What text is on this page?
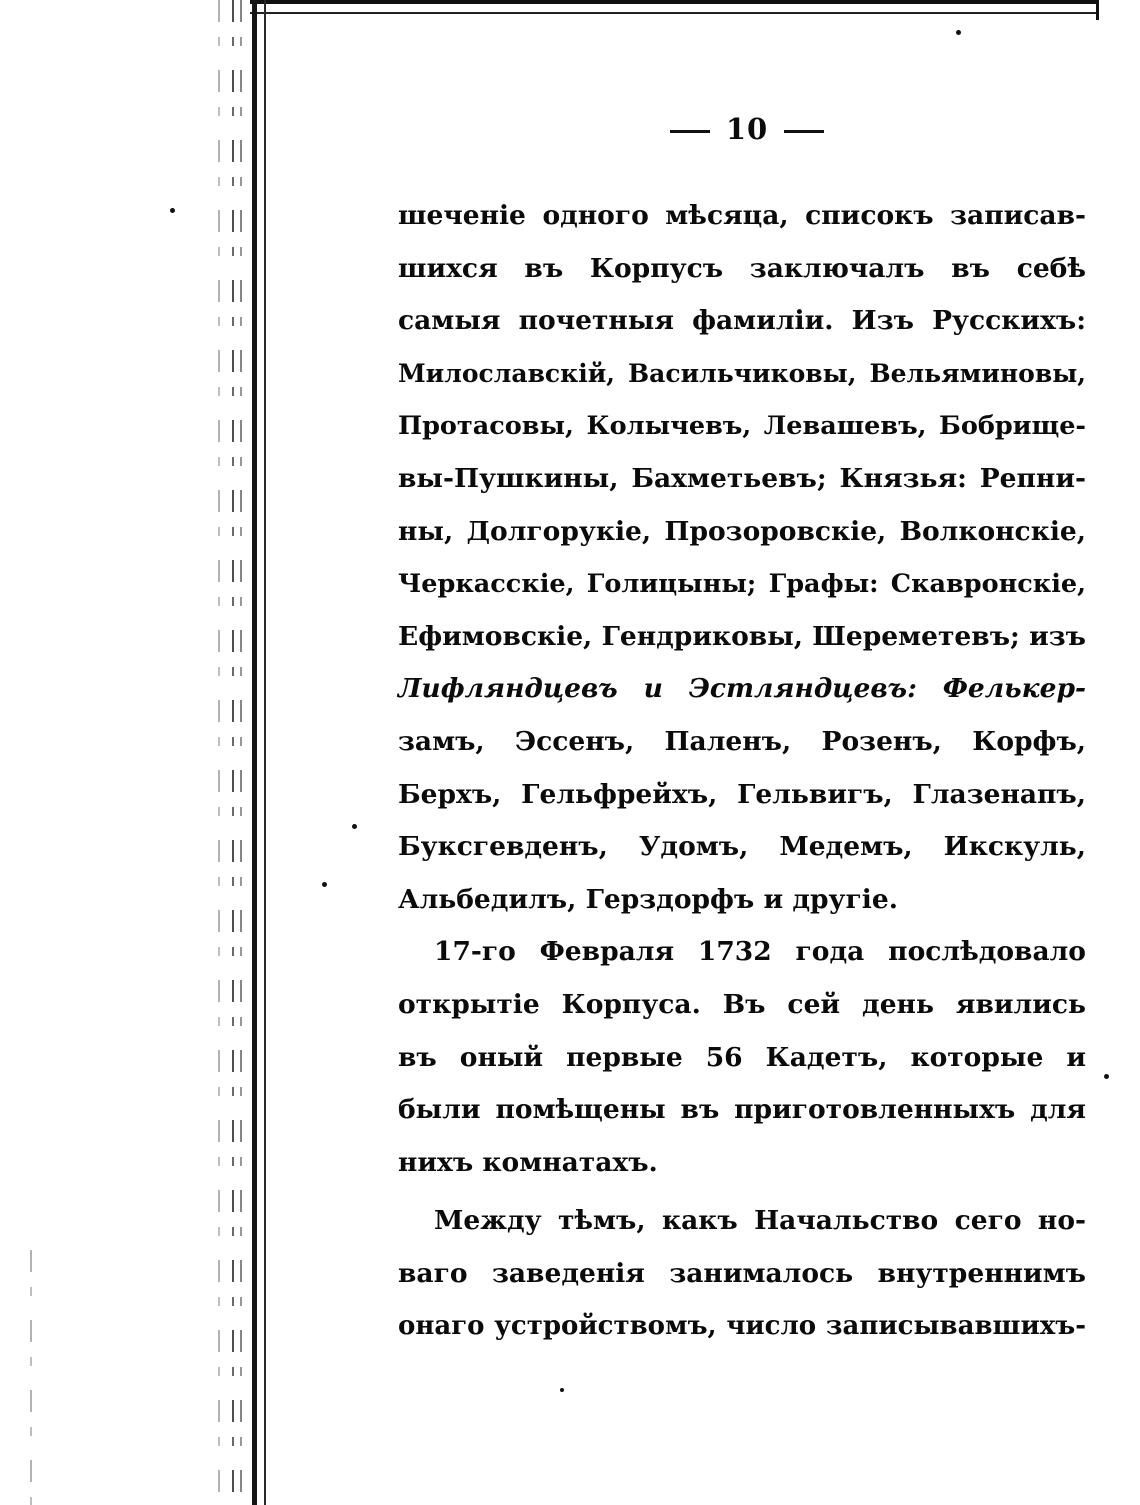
10
шеченіе одного мѣсяца, списокъ записав-
шихся въ Корпусъ заключалъ въ себѣ
самыя почетныя фамиліи. Изъ Русскихъ:
Милославскій, Васильчиковы, Вельяминовы,
Протасовы, Колычевъ, Левашевъ, Бобрище-
вы-Пушкины, Бахметьевъ; Князья: Репни-
ны, Долгорукіе, Прозоровскіе, Волконскіе,
Черкасскіе, Голицыны; Графы: Скавронскіе,
Ефимовскіе, Гендриковы, Шереметевъ; изъ
Лифляндцевъ и Эстляндцевъ: Фелькер-
замъ, Эссенъ, Паленъ, Розенъ, Корфъ,
Берхъ, Гельфрейхъ, Гельвигъ, Глазенапъ,
Буксгевденъ, Удомъ, Медемъ, Икскуль,
Альбедилъ, Герздорфъ и другіе.
17-го Февраля 1732 года послѣдовало
открытіе Корпуса. Въ сей день явились
въ оный первые 56 Кадетъ, которые и
были помѣщены въ приготовленныхъ для
нихъ комнатахъ.
Между тѣмъ, какъ Начальство сего но-
ваго заведенія занималось внутреннимъ
онаго устройствомъ, число записывавшихъ-
